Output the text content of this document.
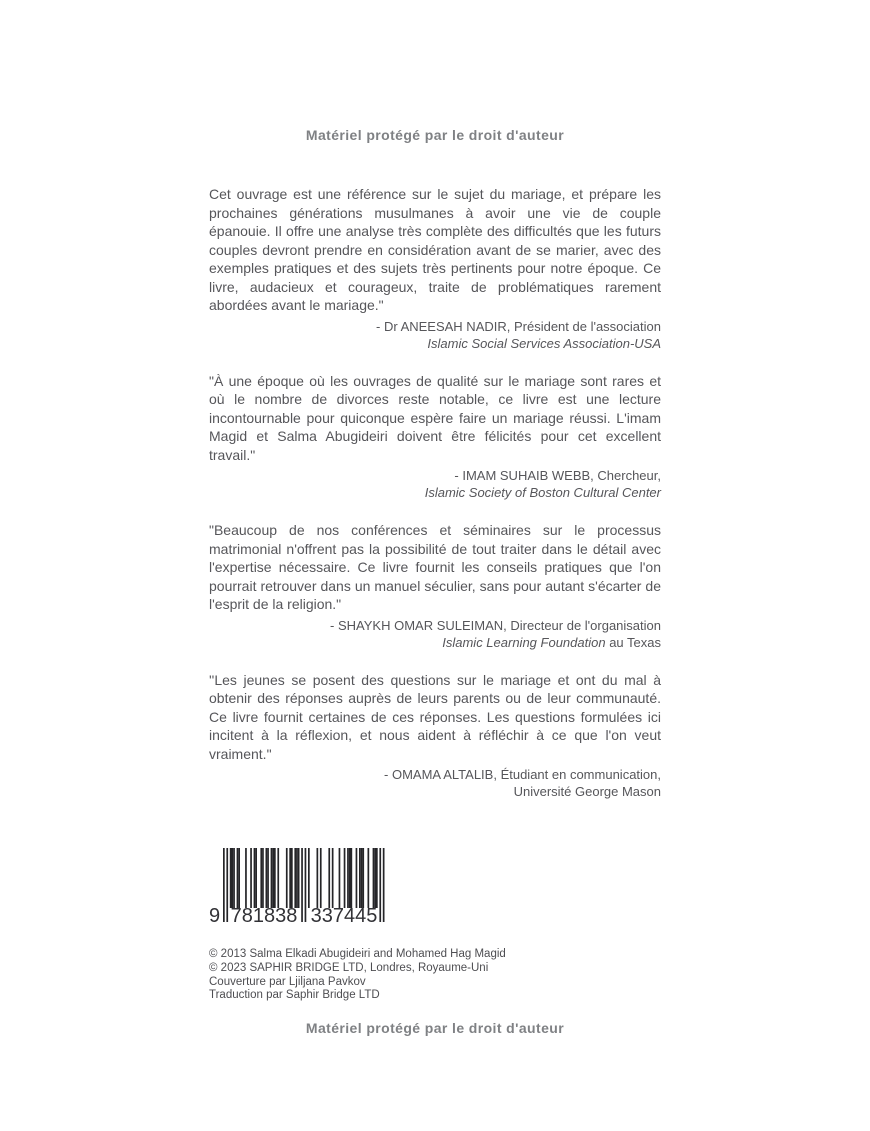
Matériel protégé par le droit d'auteur

Cet ouvrage est une référence sur le sujet du mariage, et prépare les prochaines générations musulmanes à avoir une vie de couple épanouie. Il offre une analyse très complète des difficultés que les futurs couples devront prendre en considération avant de se marier, avec des exemples pratiques et des sujets très pertinents pour notre époque. Ce livre, audacieux et courageux, traite de problématiques rarement abordées avant le mariage."

- Dr ANEESAH NADIR, Président de l'association
Islamic Social Services Association-USA

"À une époque où les ouvrages de qualité sur le mariage sont rares et où le nombre de divorces reste notable, ce livre est une lecture incontournable pour quiconque espère faire un mariage réussi. L'imam Magid et Salma Abugideiri doivent être félicités pour cet excellent travail."

- IMAM SUHAIB WEBB, Chercheur,
Islamic Society of Boston Cultural Center

"Beaucoup de nos conférences et séminaires sur le processus matrimonial n'offrent pas la possibilité de tout traiter dans le détail avec l'expertise nécessaire. Ce livre fournit les conseils pratiques que l'on pourrait retrouver dans un manuel séculier, sans pour autant s'écarter de l'esprit de la religion."

- SHAYKH OMAR SULEIMAN, Directeur de l'organisation
Islamic Learning Foundation au Texas

''Les jeunes se posent des questions sur le mariage et ont du mal à obtenir des réponses auprès de leurs parents ou de leur communauté. Ce livre fournit certaines de ces réponses. Les questions formulées ici incitent à la réflexion, et nous aident à réfléchir à ce que l'on veut vraiment."

- OMAMA ALTALIB, Étudiant en communication,
Université George Mason
9 781838 337445
© 2013 Salma Elkadi Abugideiri and Mohamed Hag Magid
© 2023 SAPHIR BRIDGE LTD, Londres, Royaume-Uni
Couverture par Ljiljana Pavkov
Traduction par Saphir Bridge LTD
Matériel protégé par le droit d'auteur
